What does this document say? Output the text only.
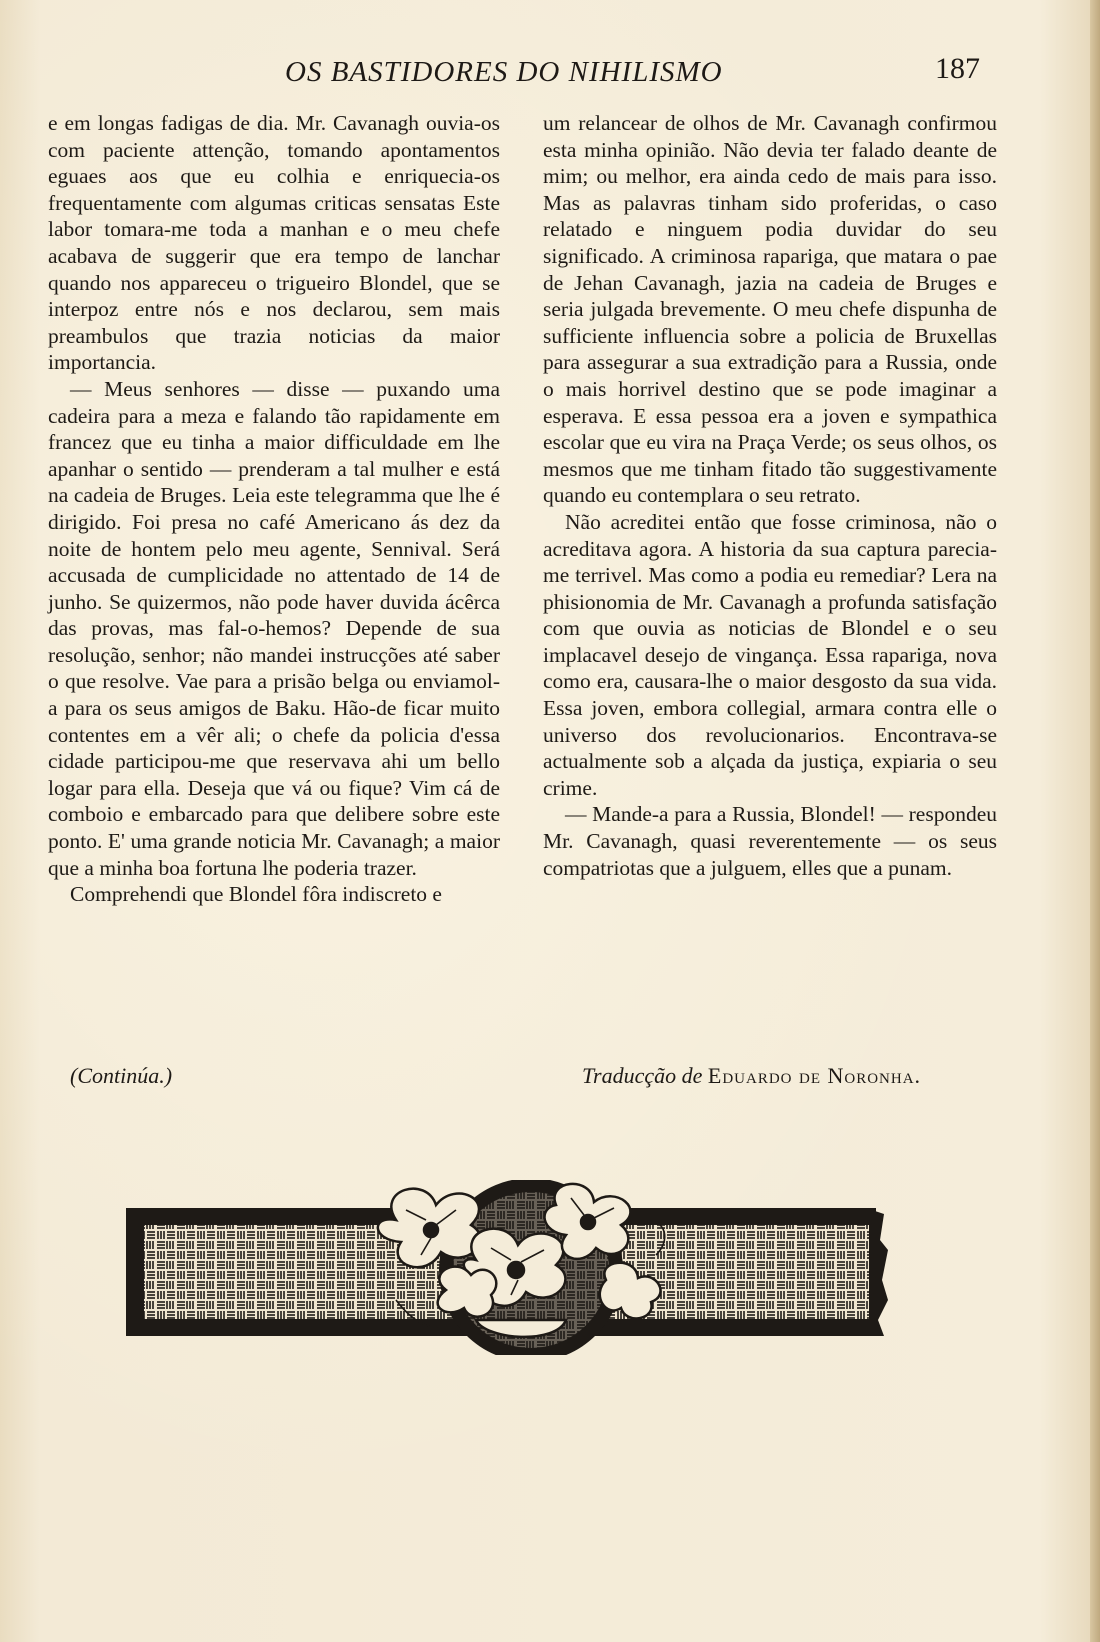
OS BASTIDORES DO NIHILISMO	187

e em longas fadigas de dia. Mr. Cavanagh ouvia-os com paciente attenção, tomando apontamentos eguaes aos que eu colhia e enriquecia-os frequentamente com algumas criticas sensatas Este labor tomara-me toda a manhan e o meu chefe acabava de suggerir que era tempo de lanchar quando nos appareceu o trigueiro Blondel, que se interpoz entre nós e nos declarou, sem mais preambulos que trazia noticias da maior importancia.

— Meus senhores — disse — puxando uma cadeira para a meza e falando tão rapidamente em francez que eu tinha a maior difficuldade em lhe apanhar o sentido — prenderam a tal mulher e está na cadeia de Bruges. Leia este telegramma que lhe é dirigido. Foi presa no café Americano ás dez da noite de hontem pelo meu agente, Sennival. Será accusada de cumplicidade no attentado de 14 de junho. Se quizermos, não pode haver duvida ácêrca das provas, mas fal-o-hemos? Depende de sua resolução, senhor; não mandei instrucções até saber o que resolve. Vae para a prisão belga ou enviamol-a para os seus amigos de Baku. Hão-de ficar muito contentes em a vêr ali; o chefe da policia d'essa cidade participou-me que reservava ahi um bello logar para ella. Deseja que vá ou fique? Vim cá de comboio e embarcado para que delibere sobre este ponto. E' uma grande noticia Mr. Cavanagh; a maior que a minha boa fortuna lhe poderia trazer.

Comprehendi que Blondel fôra indiscreto e

um relancear de olhos de Mr. Cavanagh confirmou esta minha opinião. Não devia ter falado deante de mim; ou melhor, era ainda cedo de mais para isso. Mas as palavras tinham sido proferidas, o caso relatado e ninguem podia duvidar do seu significado. A criminosa rapariga, que matara o pae de Jehan Cavanagh, jazia na cadeia de Bruges e seria julgada brevemente. O meu chefe dispunha de sufficiente influencia sobre a policia de Bruxellas para assegurar a sua extradição para a Russia, onde o mais horrivel destino que se pode imaginar a esperava. E essa pessoa era a joven e sympathica escolar que eu vira na Praça Verde; os seus olhos, os mesmos que me tinham fitado tão suggestivamente quando eu contemplara o seu retrato.

Não acreditei então que fosse criminosa, não o acreditava agora. A historia da sua captura parecia-me terrivel. Mas como a podia eu remediar? Lera na phisionomia de Mr. Cavanagh a profunda satisfação com que ouvia as noticias de Blondel e o seu implacavel desejo de vingança. Essa rapariga, nova como era, causara-lhe o maior desgosto da sua vida. Essa joven, embora collegial, armara contra elle o universo dos revolucionarios. Encontrava-se actualmente sob a alçada da justiça, expiaria o seu crime.

— Mande-a para a Russia, Blondel! — respondeu Mr. Cavanagh, quasi reverentemente — os seus compatriotas que a julguem, elles que a punam.

(Continúa.)	Traducção de Eduardo de Noronha.
